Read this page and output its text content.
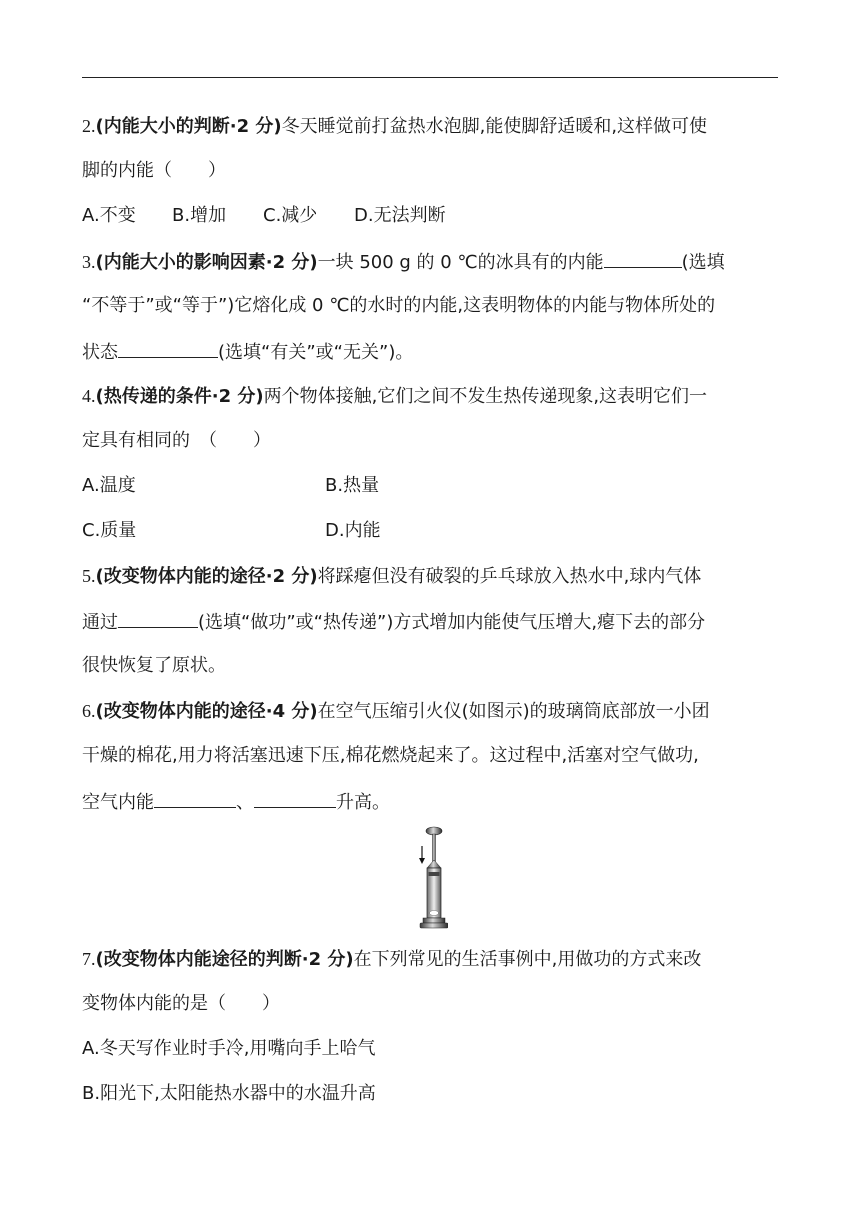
2.(内能大小的判断·2 分)冬天睡觉前打盆热水泡脚,能使脚舒适暖和,这样做可使
脚的内能（　　）
A.不变 B.增加 C.减少 D.无法判断
3.(内能大小的影响因素·2 分)一块 500 g 的 0 ℃的冰具有的内能	(选填
“不等于”或“等于”)它熔化成 0 ℃的水时的内能,这表明物体的内能与物体所处的
状态	(选填“有关”或“无关”)。
4.(热传递的条件·2 分)两个物体接触,它们之间不发生热传递现象,这表明它们一
定具有相同的　（　　）
A.温度	B.热量
C.质量	D.内能
5.(改变物体内能的途径·2 分)将踩瘪但没有破裂的乒乓球放入热水中,球内气体
通过	(选填“做功”或“热传递”)方式增加内能使气压增大,瘪下去的部分
很快恢复了原状。
6.(改变物体内能的途径·4 分)在空气压缩引火仪(如图示)的玻璃筒底部放一小团
干燥的棉花,用力将活塞迅速下压,棉花燃烧起来了。这过程中,活塞对空气做功,
空气内能	、	升高。
7.(改变物体内能途径的判断·2 分)在下列常见的生活事例中,用做功的方式来改
变物体内能的是（　　）
A.冬天写作业时手冷,用嘴向手上哈气
B.阳光下,太阳能热水器中的水温升高
